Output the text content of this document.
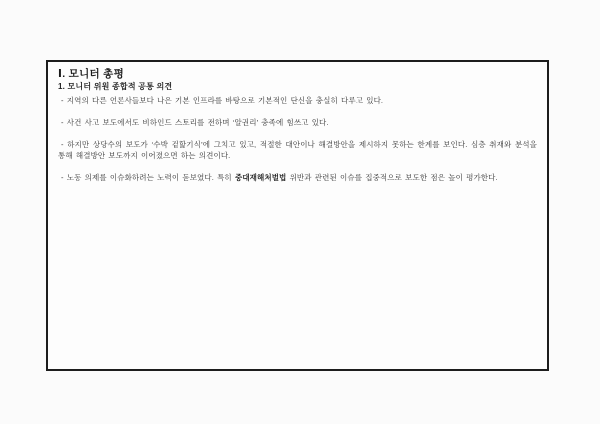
Ⅰ. 모니터 총평
1. 모니터 위원 종합적 공통 의견

- 지역의 다른 언론사들보다 나은 기본 인프라를 바탕으로 기본적인 단신을 충실히 다루고 있다.

- 사건 사고 보도에서도 비하인드 스토리를 전하며 ‘알권리’ 충족에 힘쓰고 있다.

- 하지만 상당수의 보도가 ‘수박 겉핥기식’에 그치고 있고, 적절한 대안이나 해결방안을 제시하지 못하는 한계를 보인다. 심층 취재와 분석을 통해 해결방안 보도까지 이어졌으면 하는 의견이다.

- 노동 의제를 이슈화하려는 노력이 돋보였다. 특히 중대재해처벌법 위반과 관련된 이슈를 집중적으로 보도한 점은 높이 평가한다.
